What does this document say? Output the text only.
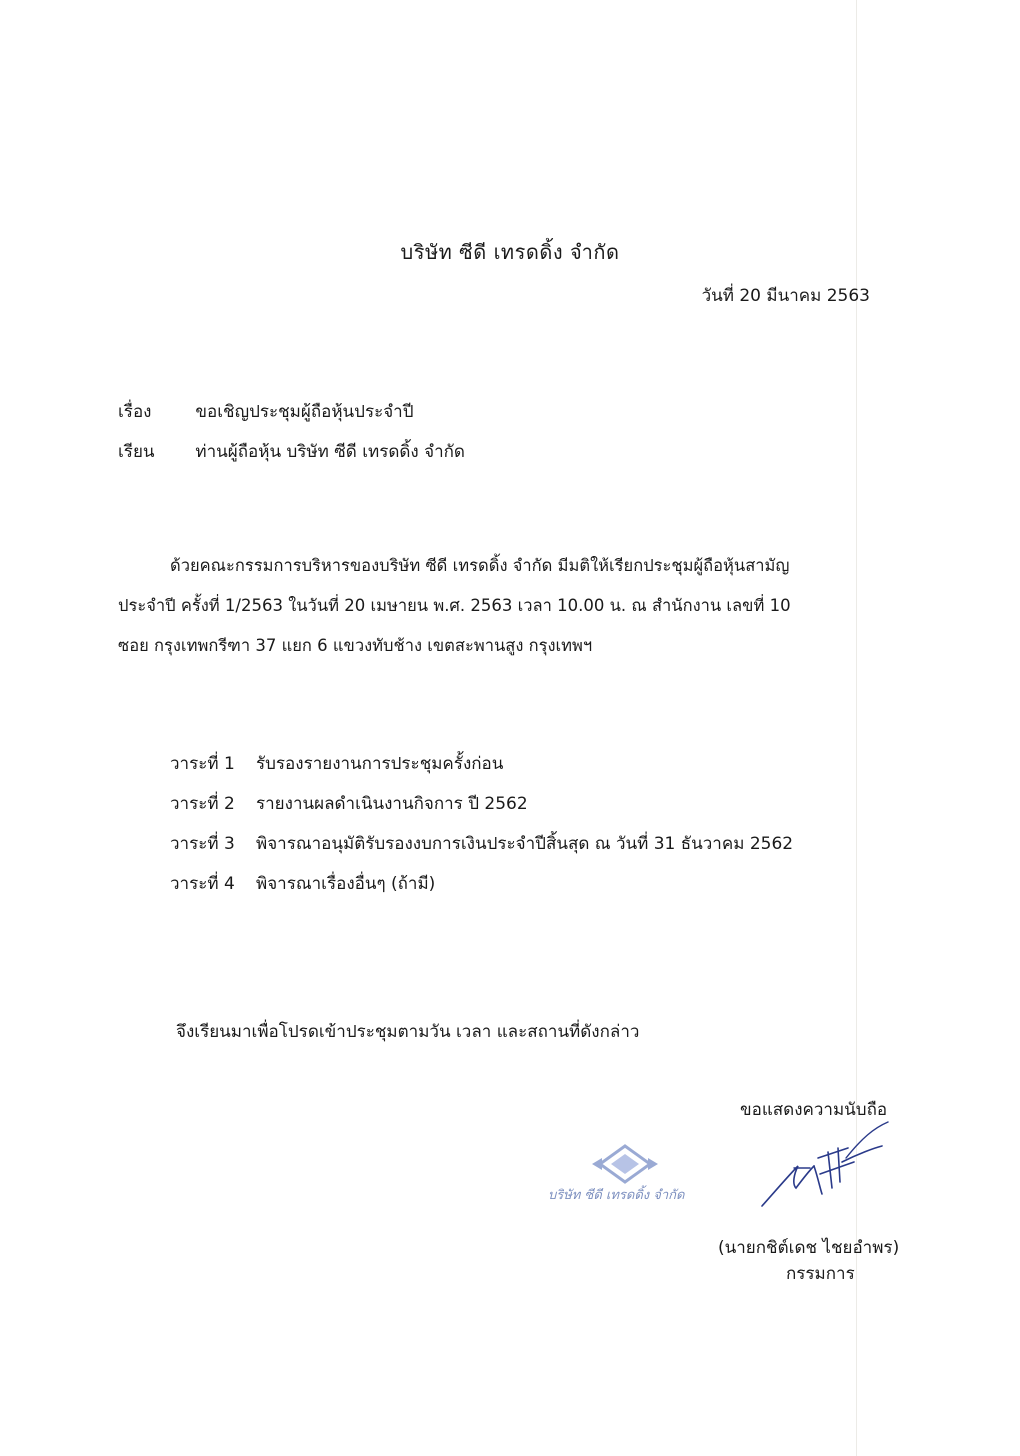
บริษัท ซีดี เทรดดิ้ง จำกัด
วันที่ 20 มีนาคม 2563
เรื่อง	ขอเชิญประชุมผู้ถือหุ้นประจำปี
เรียน ท่านผู้ถือหุ้น บริษัท ซีดี เทรดดิ้ง จำกัด

ด้วยคณะกรรมการบริหารของบริษัท ซีดี เทรดดิ้ง จำกัด มีมติให้เรียกประชุมผู้ถือหุ้นสามัญ

ประจำปี ครั้งที่ 1/2563 ในวันที่ 20 เมษายน พ.ศ. 2563 เวลา 10.00 น. ณ สำนักงาน เลขที่ 10

ซอย กรุงเทพกรีฑา 37 แยก 6 แขวงทับช้าง เขตสะพานสูง กรุงเทพฯ

วาระที่ 1 รับรองรายงานการประชุมครั้งก่อน
วาระที่ 2 รายงานผลดำเนินงานกิจการ ปี 2562
วาระที่ 3 พิจารณาอนุมัติรับรองงบการเงินประจำปีสิ้นสุด ณ วันที่ 31 ธันวาคม 2562
วาระที่ 4 พิจารณาเรื่องอื่นๆ (ถ้ามี)
จึงเรียนมาเพื่อโปรดเข้าประชุมตามวัน เวลา และสถานที่ดังกล่าว
ขอแสดงความนับถือ
บริษัท ซีดี เทรดดิ้ง จำกัด
(นายกชิต์เดช ไชยอำพร)
กรรมการ
